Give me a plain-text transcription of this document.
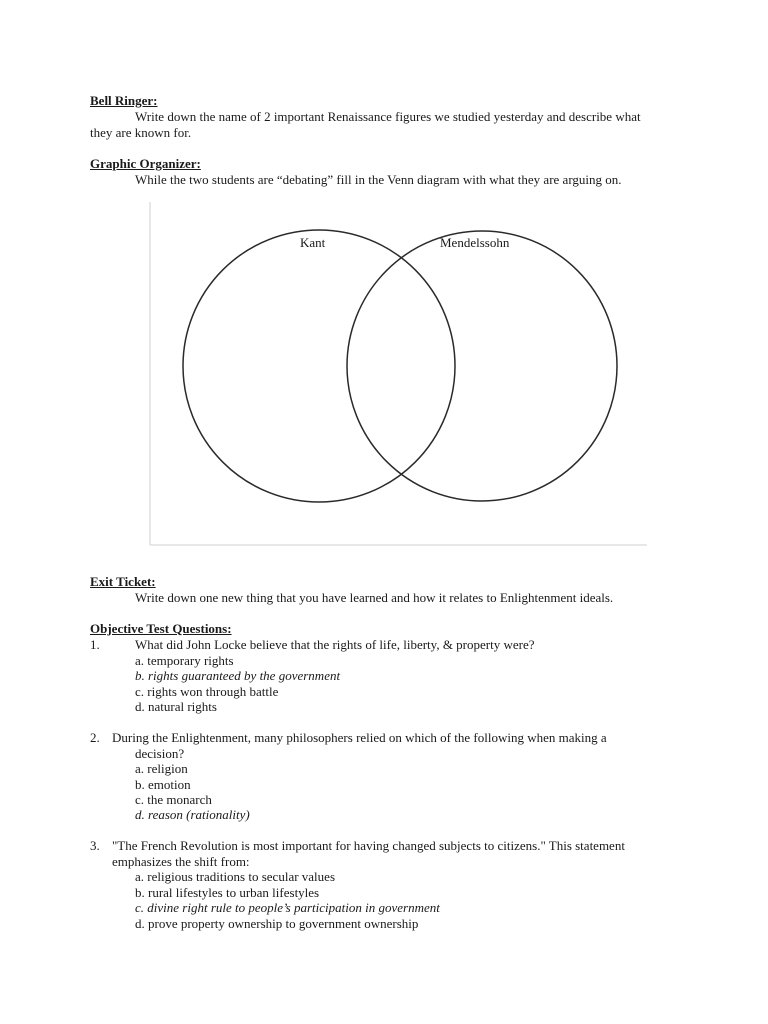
Bell Ringer:
Write down the name of 2 important Renaissance figures we studied yesterday and describe what
they are known for.
Graphic Organizer:
While the two students are “debating” fill in the Venn diagram with what they are arguing on.
Kant	Mendelssohn
Exit Ticket:
Write down one new thing that you have learned and how it relates to Enlightenment ideals.
Objective Test Questions:
1.	What did John Locke believe that the rights of life, liberty, & property were?
a. temporary rights
b. rights guaranteed by the government
c. rights won through battle
d. natural rights
2. During the Enlightenment, many philosophers relied on which of the following when making a
decision?
a. religion
b. emotion
c. the monarch
d. reason (rationality)
3. "The French Revolution is most important for having changed subjects to citizens." This statement
emphasizes the shift from:
a. religious traditions to secular values
b. rural lifestyles to urban lifestyles
c. divine right rule to people’s participation in government
d. prove property ownership to government ownership
